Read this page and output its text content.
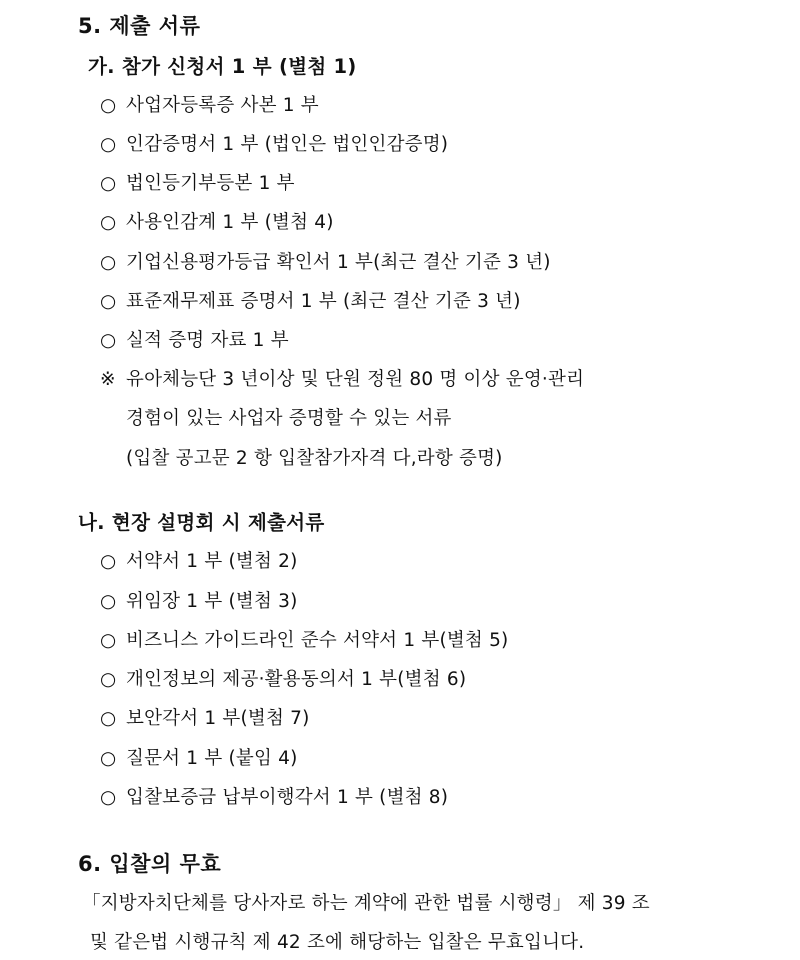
5. 제출 서류
가. 참가 신청서 1 부 (별첨 1)
○ 사업자등록증 사본 1 부
○ 인감증명서 1 부 (법인은 법인인감증명)
○ 법인등기부등본 1 부
○ 사용인감계 1 부 (별첨 4)
○ 기업신용평가등급 확인서 1 부(최근 결산 기준 3 년)
○ 표준재무제표 증명서 1 부 (최근 결산 기준 3 년)
○ 실적 증명 자료 1 부
※ 유아체능단 3 년이상 및 단원 정원 80 명 이상 운영·관리
경험이 있는 사업자 증명할 수 있는 서류
(입찰 공고문 2 항 입찰참가자격 다,라항 증명)
나. 현장 설명회 시 제출서류
○ 서약서 1 부 (별첨 2)
○ 위임장 1 부 (별첨 3)
○ 비즈니스 가이드라인 준수 서약서 1 부(별첨 5)
○ 개인정보의 제공·활용동의서 1 부(별첨 6)
○ 보안각서 1 부(별첨 7)
○ 질문서 1 부 (붙임 4)
○ 입찰보증금 납부이행각서 1 부 (별첨 8)
6. 입찰의 무효
「지방자치단체를 당사자로 하는 계약에 관한 법률 시행령」 제 39 조
및 같은법 시행규칙 제 42 조에 해당하는 입찰은 무효입니다.
